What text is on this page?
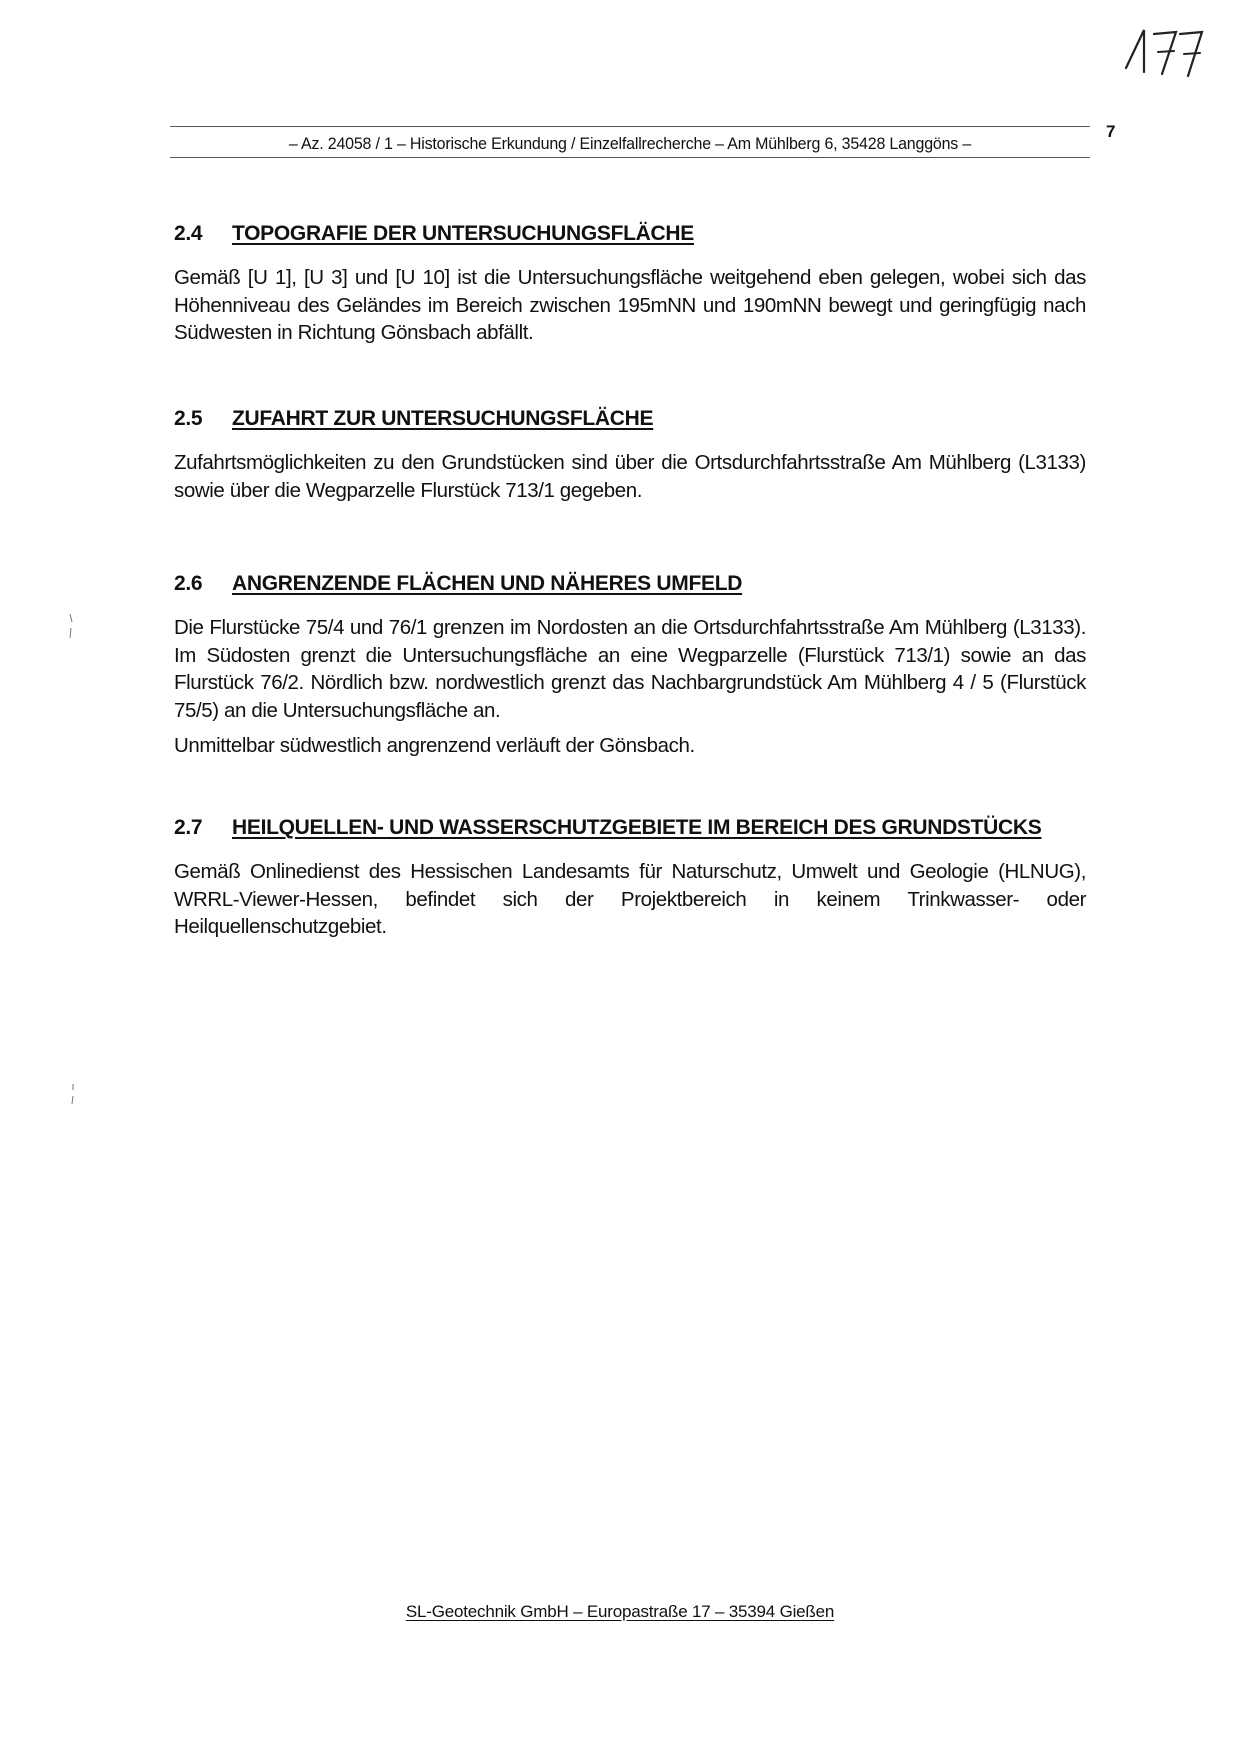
– Az. 24058 / 1 – Historische Erkundung / Einzelfallrecherche – Am Mühlberg 6, 35428 Langgöns –
7
2.4	TOPOGRAFIE DER UNTERSUCHUNGSFLÄCHE

Gemäß [U 1], [U 3] und [U 10] ist die Untersuchungsfläche weitgehend eben gelegen, wobei sich das Höhenniveau des Geländes im Bereich zwischen 195mNN und 190mNN bewegt und geringfügig nach Südwesten in Richtung Gönsbach abfällt.

2.5	ZUFAHRT ZUR UNTERSUCHUNGSFLÄCHE

Zufahrtsmöglichkeiten zu den Grundstücken sind über die Ortsdurchfahrtsstraße Am Mühlberg (L3133) sowie über die Wegparzelle Flurstück 713/1 gegeben.

2.6	ANGRENZENDE FLÄCHEN UND NÄHERES UMFELD

Die Flurstücke 75/4 und 76/1 grenzen im Nordosten an die Ortsdurchfahrtsstraße Am Mühlberg (L3133). Im Südosten grenzt die Untersuchungsfläche an eine Wegparzelle (Flurstück 713/1) sowie an das Flurstück 76/2. Nördlich bzw. nordwestlich grenzt das Nachbargrundstück Am Mühlberg 4 / 5 (Flurstück 75/5) an die Untersuchungsfläche an.

Unmittelbar südwestlich angrenzend verläuft der Gönsbach.

2.7	HEILQUELLEN- UND WASSERSCHUTZGEBIETE IM BEREICH DES GRUNDSTÜCKS

Gemäß Onlinedienst des Hessischen Landesamts für Naturschutz, Umwelt und Geologie (HLNUG), WRRL-Viewer-Hessen, befindet sich der Projektbereich in keinem Trinkwasser- oder Heilquellenschutzgebiet.

SL-Geotechnik GmbH – Europastraße 17 – 35394 Gießen
